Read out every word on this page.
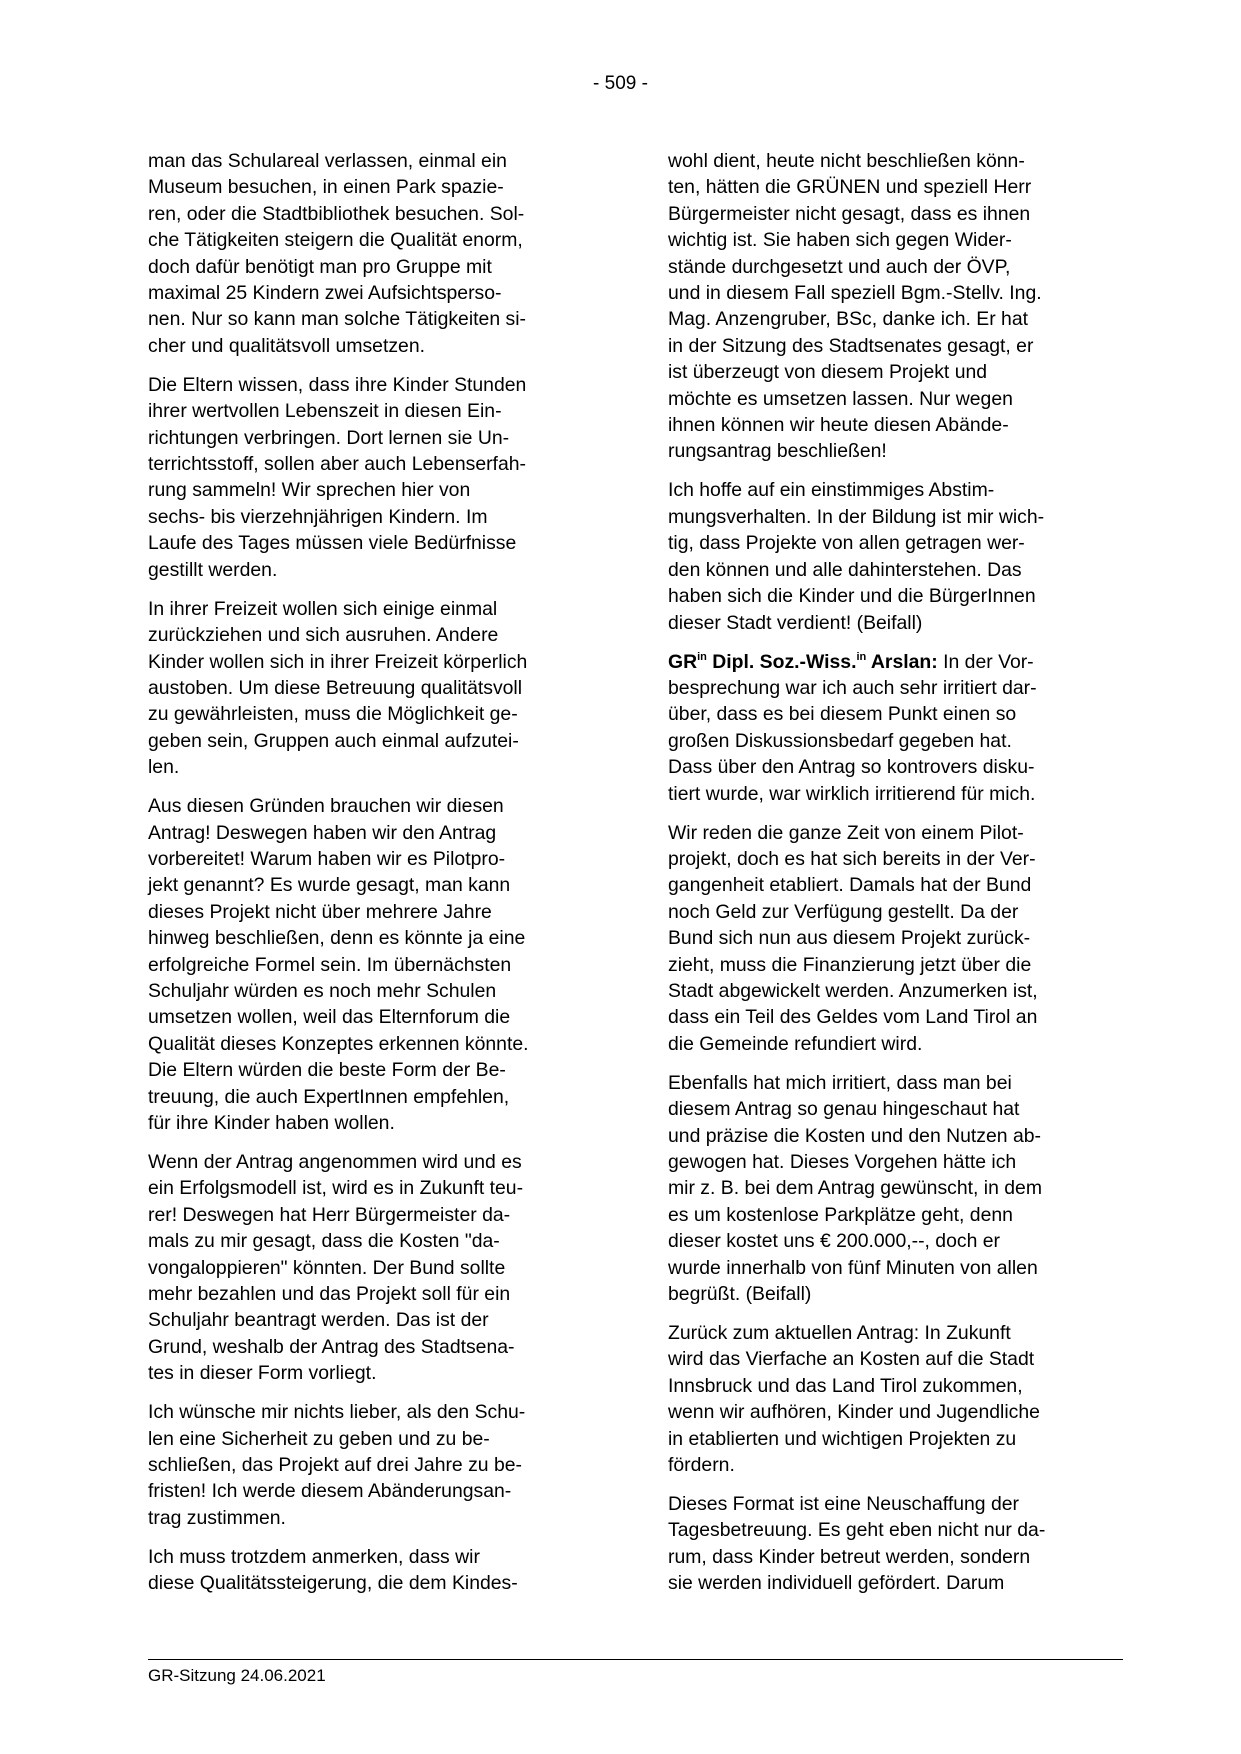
- 509 -

man das Schulareal verlassen, einmal ein
Museum besuchen, in einen Park spazie-
ren, oder die Stadtbibliothek besuchen. Sol-
che Tätigkeiten steigern die Qualität enorm,
doch dafür benötigt man pro Gruppe mit
maximal 25 Kindern zwei Aufsichtsperso-
nen. Nur so kann man solche Tätigkeiten si-
cher und qualitätsvoll umsetzen.

Die Eltern wissen, dass ihre Kinder Stunden
ihrer wertvollen Lebenszeit in diesen Ein-
richtungen verbringen. Dort lernen sie Un-
terrichtsstoff, sollen aber auch Lebenserfah-
rung sammeln! Wir sprechen hier von
sechs- bis vierzehnjährigen Kindern. Im
Laufe des Tages müssen viele Bedürfnisse
gestillt werden.

In ihrer Freizeit wollen sich einige einmal
zurückziehen und sich ausruhen. Andere
Kinder wollen sich in ihrer Freizeit körperlich
austoben. Um diese Betreuung qualitätsvoll
zu gewährleisten, muss die Möglichkeit ge-
geben sein, Gruppen auch einmal aufzutei-
len.

Aus diesen Gründen brauchen wir diesen
Antrag! Deswegen haben wir den Antrag
vorbereitet! Warum haben wir es Pilotpro-
jekt genannt? Es wurde gesagt, man kann
dieses Projekt nicht über mehrere Jahre
hinweg beschließen, denn es könnte ja eine
erfolgreiche Formel sein. Im übernächsten
Schuljahr würden es noch mehr Schulen
umsetzen wollen, weil das Elternforum die
Qualität dieses Konzeptes erkennen könnte.
Die Eltern würden die beste Form der Be-
treuung, die auch ExpertInnen empfehlen,
für ihre Kinder haben wollen.

Wenn der Antrag angenommen wird und es
ein Erfolgsmodell ist, wird es in Zukunft teu-
rer! Deswegen hat Herr Bürgermeister da-
mals zu mir gesagt, dass die Kosten "da-
vongaloppieren" könnten. Der Bund sollte
mehr bezahlen und das Projekt soll für ein
Schuljahr beantragt werden. Das ist der
Grund, weshalb der Antrag des Stadtsena-
tes in dieser Form vorliegt.

Ich wünsche mir nichts lieber, als den Schu-
len eine Sicherheit zu geben und zu be-
schließen, das Projekt auf drei Jahre zu be-
fristen! Ich werde diesem Abänderungsan-
trag zustimmen.

Ich muss trotzdem anmerken, dass wir
diese Qualitätssteigerung, die dem Kindes-

wohl dient, heute nicht beschließen könn-
ten, hätten die GRÜNEN und speziell Herr
Bürgermeister nicht gesagt, dass es ihnen
wichtig ist. Sie haben sich gegen Wider-
stände durchgesetzt und auch der ÖVP,
und in diesem Fall speziell Bgm.-Stellv. Ing.
Mag. Anzengruber, BSc, danke ich. Er hat
in der Sitzung des Stadtsenates gesagt, er
ist überzeugt von diesem Projekt und
möchte es umsetzen lassen. Nur wegen
ihnen können wir heute diesen Abände-
rungsantrag beschließen!

Ich hoffe auf ein einstimmiges Abstim-
mungsverhalten. In der Bildung ist mir wich-
tig, dass Projekte von allen getragen wer-
den können und alle dahinterstehen. Das
haben sich die Kinder und die BürgerInnen
dieser Stadt verdient! (Beifall)

$GR^{in}$ Dipl. Soz.-Wiss.$^{in}$ Arslan: In der Vor-
besprechung war ich auch sehr irritiert dar-
über, dass es bei diesem Punkt einen so
großen Diskussionsbedarf gegeben hat.
Dass über den Antrag so kontrovers disku-
tiert wurde, war wirklich irritierend für mich.

Wir reden die ganze Zeit von einem Pilot-
projekt, doch es hat sich bereits in der Ver-
gangenheit etabliert. Damals hat der Bund
noch Geld zur Verfügung gestellt. Da der
Bund sich nun aus diesem Projekt zurück-
zieht, muss die Finanzierung jetzt über die
Stadt abgewickelt werden. Anzumerken ist,
dass ein Teil des Geldes vom Land Tirol an
die Gemeinde refundiert wird.

Ebenfalls hat mich irritiert, dass man bei
diesem Antrag so genau hingeschaut hat
und präzise die Kosten und den Nutzen ab-
gewogen hat. Dieses Vorgehen hätte ich
mir z. B. bei dem Antrag gewünscht, in dem
es um kostenlose Parkplätze geht, denn
dieser kostet uns € 200.000,--, doch er
wurde innerhalb von fünf Minuten von allen
begrüßt. (Beifall)

Zurück zum aktuellen Antrag: In Zukunft
wird das Vierfache an Kosten auf die Stadt
Innsbruck und das Land Tirol zukommen,
wenn wir aufhören, Kinder und Jugendliche
in etablierten und wichtigen Projekten zu
fördern.

Dieses Format ist eine Neuschaffung der
Tagesbetreuung. Es geht eben nicht nur da-
rum, dass Kinder betreut werden, sondern
sie werden individuell gefördert. Darum

GR-Sitzung 24.06.2021
